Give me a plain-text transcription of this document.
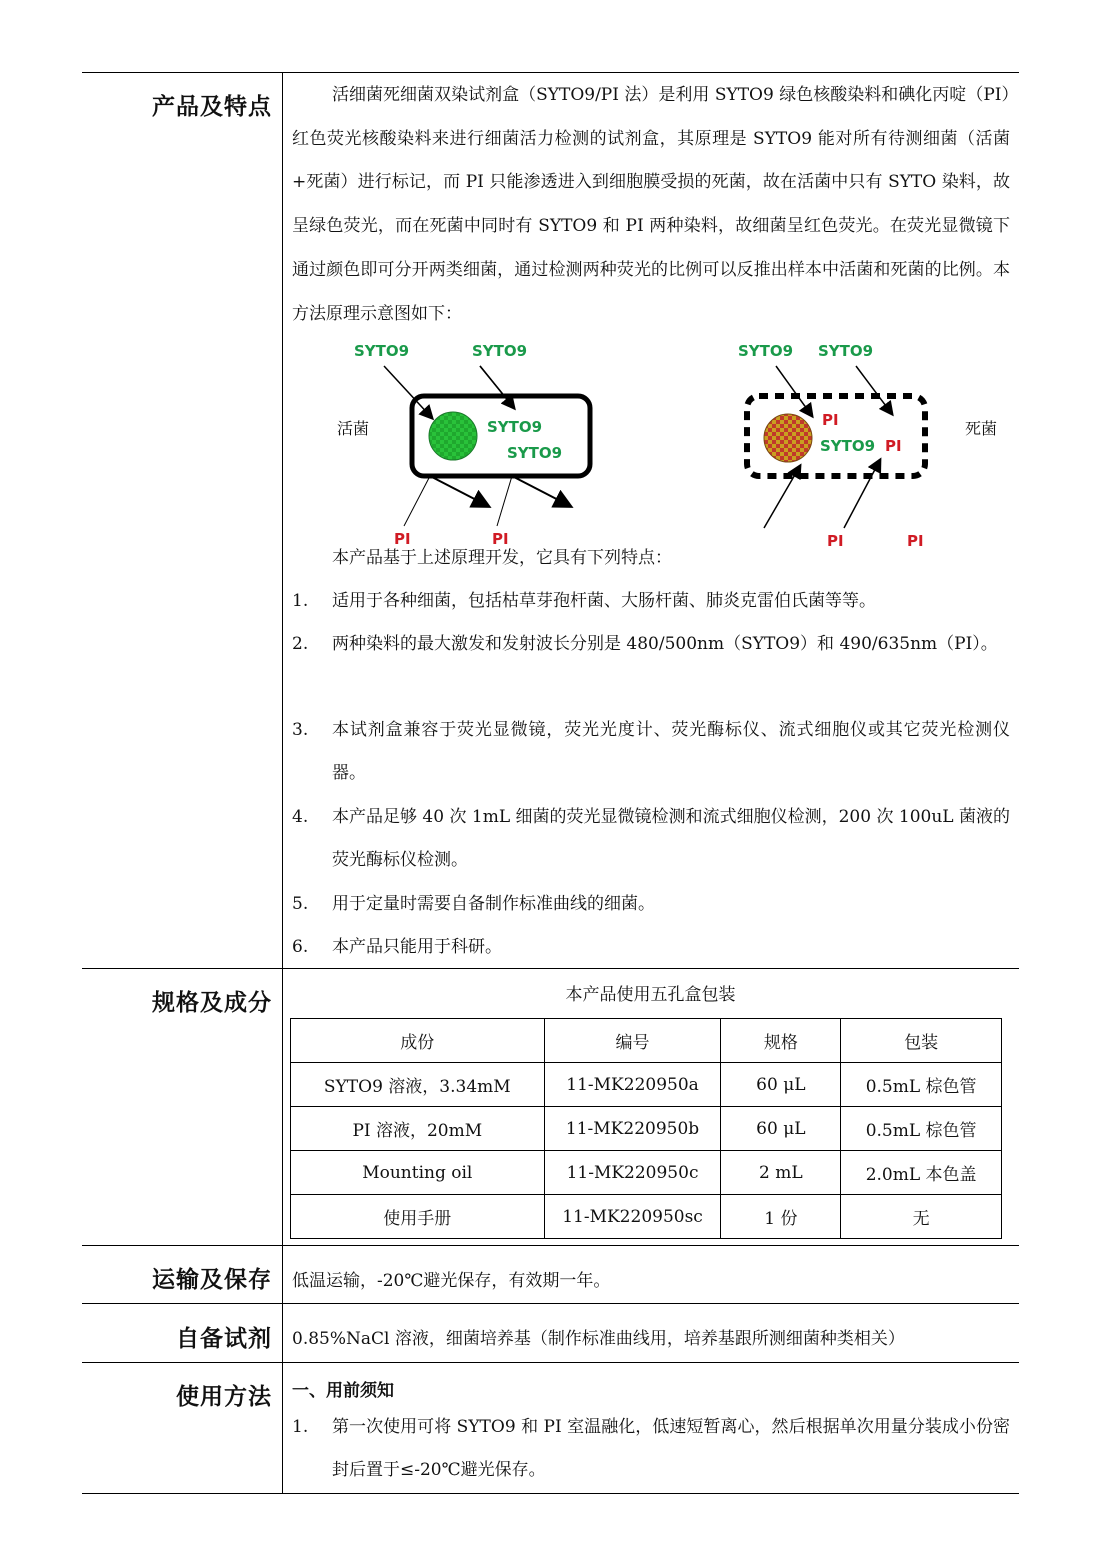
产品及特点	活细菌死细菌双染试剂盒（SYTO9/PI 法）是利用 SYTO9 绿色核酸染料和碘化丙啶（PI）红色荧光核酸染料来进行细菌活力检测的试剂盒，其原理是 SYTO9 能对所有待测细菌（活菌+死菌）进行标记，而 PI 只能渗透进入到细胞膜受损的死菌，故在活菌中只有 SYTO 染料，故呈绿色荧光，而在死菌中同时有 SYTO9 和 PI 两种染料，故细菌呈红色荧光。在荧光显微镜下通过颜色即可分开两类细菌，通过检测两种荧光的比例可以反推出样本中活菌和死菌的比例。本方法原理示意图如下：
活菌
SYTO9	SYTO9
SYTO9
SYTO9
PI	PI
SYTO9 SYTO9
PI
SYTO9 PI
PI	PI
死菌
本产品基于上述原理开发，它具有下列特点：
1. 适用于各种细菌，包括枯草芽孢杆菌、大肠杆菌、肺炎克雷伯氏菌等等。
2. 两种染料的最大激发和发射波长分别是 480/500nm（SYTO9）和 490/635nm（PI）。
3. 本试剂盒兼容于荧光显微镜，荧光光度计、荧光酶标仪、流式细胞仪或其它荧光检测仪器。
4. 本产品足够 40 次 1mL 细菌的荧光显微镜检测和流式细胞仪检测，200 次 100uL 菌液的荧光酶标仪检测。
5. 用于定量时需要自备制作标准曲线的细菌。
6. 本产品只能用于科研。
规格及成分	本产品使用五孔盒包装
成份	编号	规格	包装
SYTO9 溶液，3.34mM	11-MK220950a	60 μL	0.5mL 棕色管
PI 溶液，20mM	11-MK220950b	60 μL	0.5mL 棕色管
Mounting oil	11-MK220950c	2 mL	2.0mL 本色盖
使用手册	11-MK220950sc	1 份	无
运输及保存 低温运输，-20℃避光保存，有效期一年。
自备试剂 0.85%NaCl 溶液，细菌培养基（制作标准曲线用，培养基跟所测细菌种类相关）
使用方法 一、用前须知
1. 第一次使用可将 SYTO9 和 PI 室温融化，低速短暂离心，然后根据单次用量分装成小份密封后置于≤-20℃避光保存。
